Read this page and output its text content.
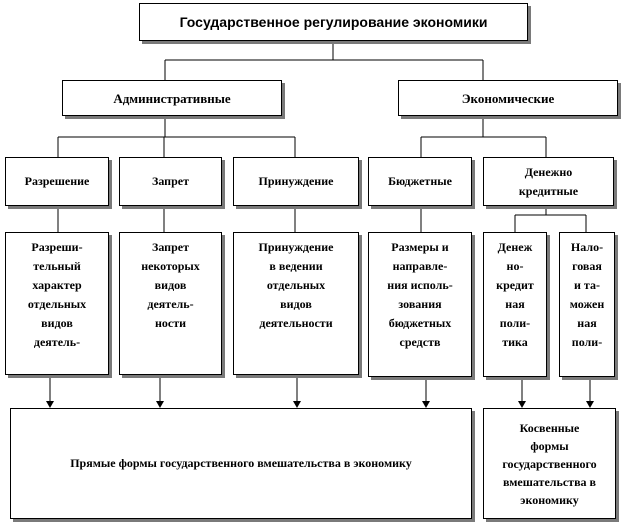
Государственное регулирование экономики
Административные	Экономические
Разрешение	Запрет	Принуждение	Бюджетные
Денежно кредитные
Разреши-
тельный
характер
отдельных
видов
деятель-
Запрет
некоторых
видов
деятель-
ности
Принуждение
в ведении
отдельных
видов
деятельности
Размеры и
направле-
ния исполь-
зования
бюджетных
средств
Денеж
но-
кредит
ная
поли-
тика
Нало-
говая
и та-
можен
ная
поли-
Прямые формы государственного вмешательства в экономику
Косвенные
формы
государственного
вмешательства в
экономику
